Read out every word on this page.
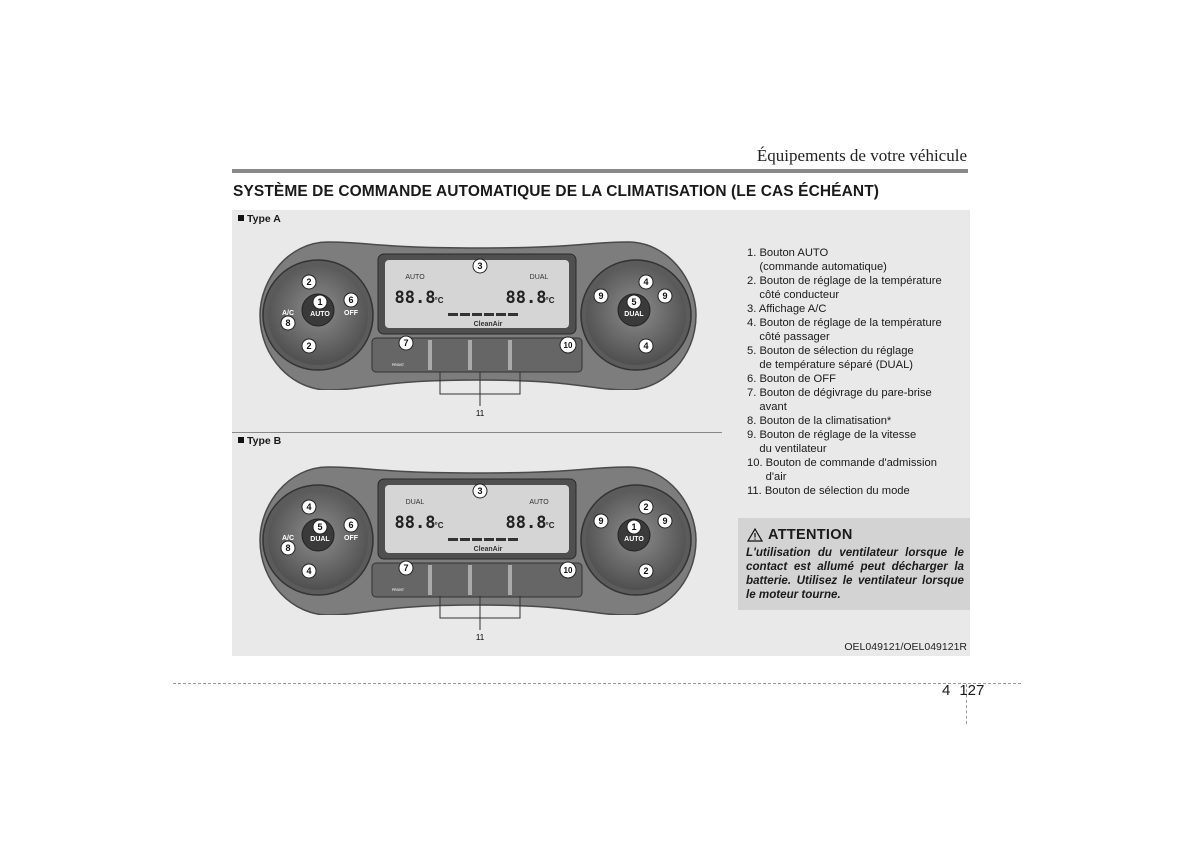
Équipements de votre véhicule
SYSTÈME DE COMMANDE AUTOMATIQUE DE LA CLIMATISATION (LE CAS ÉCHÉANT)
Type A
Type B
3
2
1	6
8
2	7	10
5
4
4
9	9
AUTO	DUAL
A/C	OFF
FRONT
AUTO	DUAL
88.8	88.8
°C	°C
CleanAir
11
3
4
5	6
8
4	7	10
1
2
2
9	9
DUAL	AUTO
A/C	OFF
FRONT
DUAL	AUTO
88.8	88.8
°C	°C
CleanAir
11
1. Bouton AUTO
(commande automatique)
2. Bouton de réglage de la température
côté conducteur
3. Affichage A/C
4. Bouton de réglage de la température
côté passager
5. Bouton de sélection du réglage
de température séparé (DUAL)
6. Bouton de OFF
7. Bouton de dégivrage du pare-brise
avant
8. Bouton de la climatisation*
9. Bouton de réglage de la vitesse
du ventilateur
10. Bouton de commande d'admission
d'air
11. Bouton de sélection du mode
ATTENTION
L'utilisation du ventilateur lorsque le contact est allumé peut décharger la batterie. Utilisez le ventilateur lorsque le moteur tourne.
OEL049121/OEL049121R
4 127
